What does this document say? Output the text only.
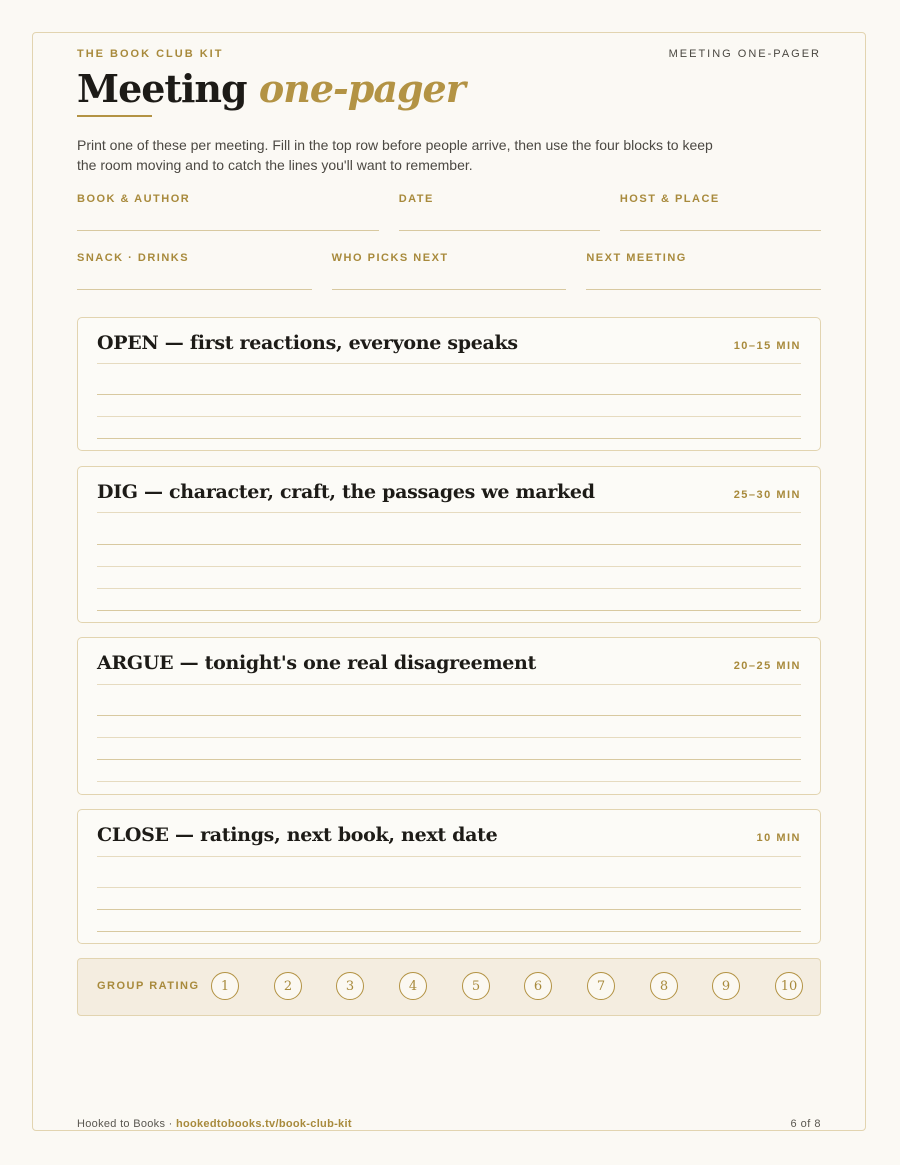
THE BOOK CLUB KIT	MEETING ONE-PAGER
Meeting one-pager
Print one of these per meeting. Fill in the top row before people arrive, then use the four blocks to keep the room moving and to catch the lines you'll want to remember.
BOOK & AUTHOR	DATE	HOST & PLACE
SNACK · DRINKS	WHO PICKS NEXT	NEXT MEETING
OPEN — first reactions, everyone speaks	10–15 MIN
DIG — character, craft, the passages we marked	25–30 MIN
ARGUE — tonight's one real disagreement	20–25 MIN
CLOSE — ratings, next book, next date	10 MIN
GROUP RATING	1	2	3	4	5	6	7	8	9	10
Hooked to Books · hookedtobooks.tv/book-club-kit	6 of 8
